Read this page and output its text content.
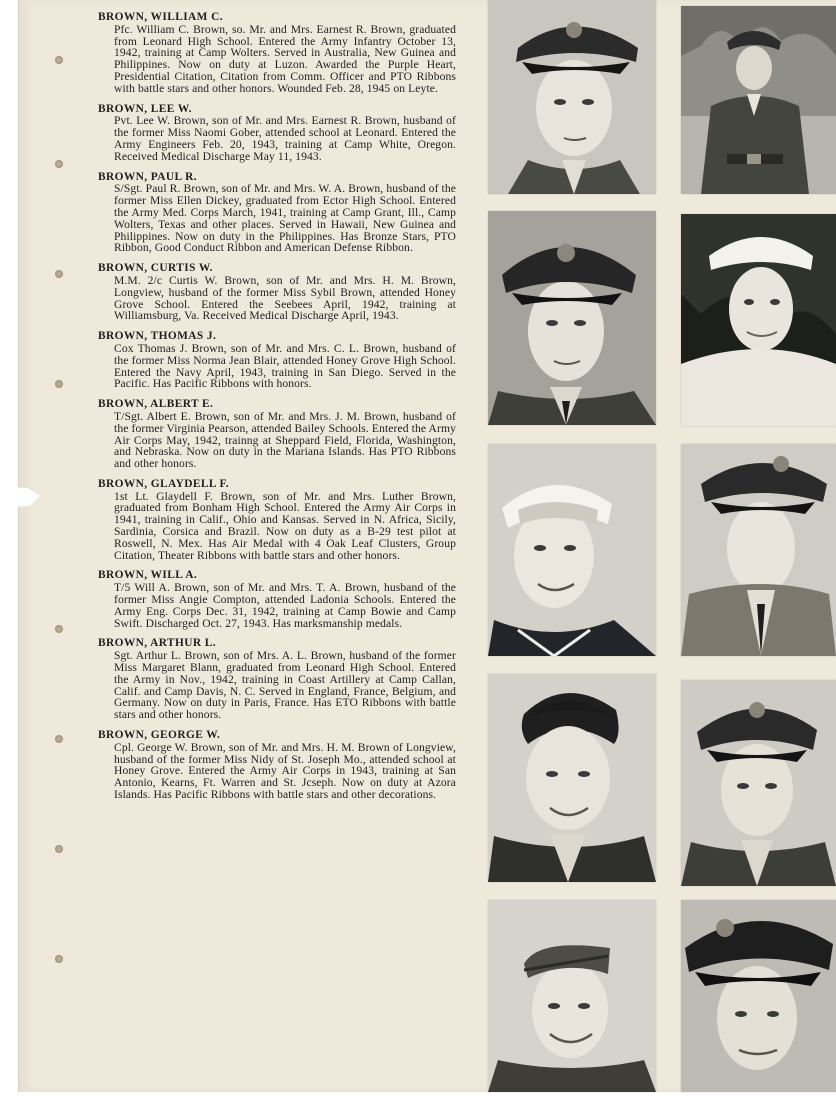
BROWN, WILLIAM C.
Pfc. William C. Brown, so. Mr. and Mrs. Earnest R. Brown, graduated from Leonard High School. Entered the Army Infantry October 13, 1942, training at Camp Wolters. Served in Australia, New Guinea and Philippines. Now on duty at Luzon. Awarded the Purple Heart, Presidential Citation, Citation from Comm. Officer and PTO Ribbons with battle stars and other honors. Wounded Feb. 28, 1945 on Leyte.
BROWN, LEE W.
Pvt. Lee W. Brown, son of Mr. and Mrs. Earnest R. Brown, husband of the former Miss Naomi Gober, attended school at Leonard. Entered the Army Engineers Feb. 20, 1943, training at Camp White, Oregon. Received Medical Discharge May 11, 1943.
BROWN, PAUL R.
S/Sgt. Paul R. Brown, son of Mr. and Mrs. W. A. Brown, husband of the former Miss Ellen Dickey, graduated from Ector High School. Entered the Army Med. Corps March, 1941, training at Camp Grant, Ill., Camp Wolters, Texas and other places. Served in Hawaii, New Guinea and Philippines. Now on duty in the Philippines. Has Bronze Stars, PTO Ribbon, Good Conduct Ribbon and American Defense Ribbon.
BROWN, CURTIS W.
M.M. 2/c Curtis W. Brown, son of Mr. and Mrs. H. M. Brown, Longview, husband of the former Miss Sybil Brown, attended Honey Grove School. Entered the Seebees April, 1942, training at Williamsburg, Va. Received Medical Discharge April, 1943.
BROWN, THOMAS J.
Cox Thomas J. Brown, son of Mr. and Mrs. C. L. Brown, husband of the former Miss Norma Jean Blair, attended Honey Grove High School. Entered the Navy April, 1943, training in San Diego. Served in the Pacific. Has Pacific Ribbons with honors.
BROWN, ALBERT E.
T/Sgt. Albert E. Brown, son of Mr. and Mrs. J. M. Brown, husband of the former Virginia Pearson, attended Bailey Schools. Entered the Army Air Corps May, 1942, trainng at Sheppard Field, Florida, Washington, and Nebraska. Now on duty in the Mariana Islands. Has PTO Ribbons and other honors.
BROWN, GLAYDELL F.
1st Lt. Glaydell F. Brown, son of Mr. and Mrs. Luther Brown, graduated from Bonham High School. Entered the Army Air Corps in 1941, training in Calif., Ohio and Kansas. Served in N. Africa, Sicily, Sardinia, Corsica and Brazil. Now on duty as a B-29 test pilot at Roswell, N. Mex. Has Air Medal with 4 Oak Leaf Clusters, Group Citation, Theater Ribbons with battle stars and other honors.
BROWN, WILL A.
T/5 Will A. Brown, son of Mr. and Mrs. T. A. Brown, husband of the former Miss Angie Compton, attended Ladonia Schools. Entered the Army Eng. Corps Dec. 31, 1942, training at Camp Bowie and Camp Swift. Discharged Oct. 27, 1943. Has marksmanship medals.
BROWN, ARTHUR L.
Sgt. Arthur L. Brown, son of Mrs. A. L. Brown, husband of the former Miss Margaret Blann, graduated from Leonard High School. Entered the Army in Nov., 1942, training in Coast Artillery at Camp Callan, Calif. and Camp Davis, N. C. Served in England, France, Belgium, and Germany. Now on duty in Paris, France. Has ETO Ribbons with battle stars and other honors.
BROWN, GEORGE W.
Cpl. George W. Brown, son of Mr. and Mrs. H. M. Brown of Longview, husband of the former Miss Nidy of St. Joseph Mo., attended school at Honey Grove. Entered the Army Air Corps in 1943, training at San Antonio, Kearns, Ft. Warren and St. Jcseph. Now on duty at Azora Islands. Has Pacific Ribbons with battle stars and other decorations.
